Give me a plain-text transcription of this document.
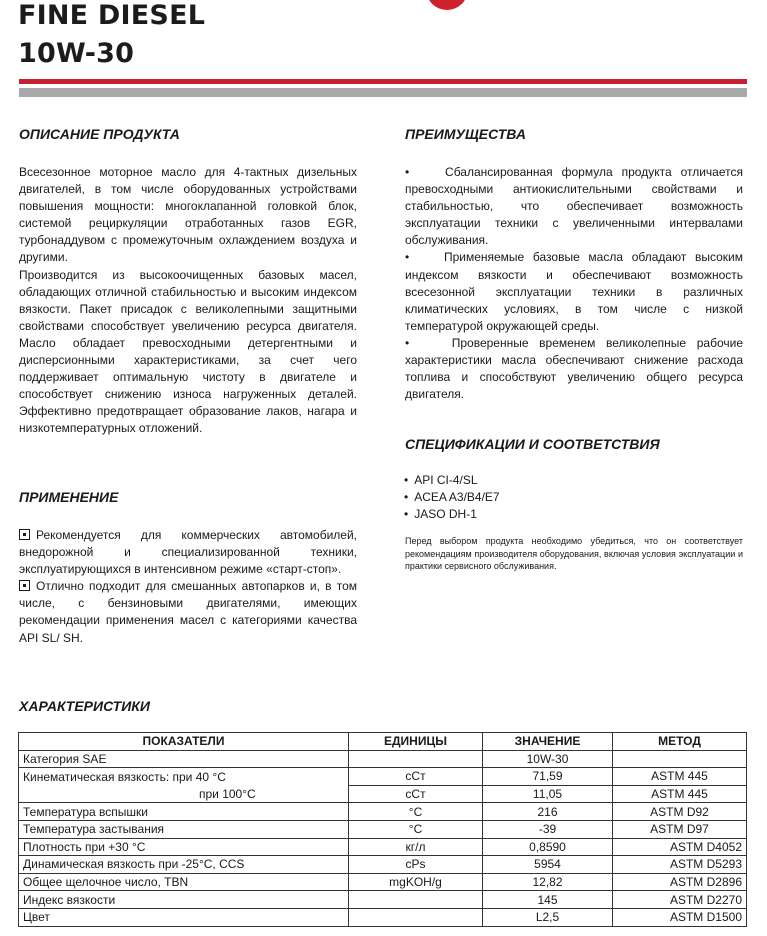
FINE DIESEL
10W-30
ОПИСАНИЕ ПРОДУКТА

Всесезонное моторное масло для 4-тактных дизельных двигателей, в том числе оборудованных устройствами повышения мощности: многоклапанной головкой блок, системой рециркуляции отработанных газов EGR, турбонаддувом с промежуточным охлаждением воздуха и другими.

Производится из высокоочищенных базовых масел, обладающих отличной стабильностью и высоким индексом вязкости. Пакет присадок с великолепными защитными свойствами способствует увеличению ресурса двигателя. Масло обладает превосходными детергентными и дисперсионными характеристиками, за счет чего поддерживает оптимальную чистоту в двигателе и способствует снижению износа нагруженных деталей. Эффективно предотвращает образование лаков, нагара и низкотемпературных отложений.

ПРИМЕНЕНИЕ

Рекомендуется для коммерческих автомобилей, внедорожной и специализированной техники, эксплуатирующихся в интенсивном режиме «старт-стоп».

Отлично подходит для смешанных автопарков и, в том числе, с бензиновыми двигателями, имеющих рекомендации применения масел с категориями качества API SL/ SH.

ПРЕИМУЩЕСТВА

•    Сбалансированная формула продукта отличается превосходными антиокислительными свойствами и стабильностью, что обеспечивает возможность эксплуатации техники с увеличенными интервалами обслуживания.

•    Применяемые базовые масла обладают высоким индексом вязкости и обеспечивают возможность всесезонной эксплуатации техники в различных климатических условиях, в том числе с низкой температурой окружающей среды.

•    Проверенные временем великолепные рабочие характеристики масла обеспечивают снижение расхода топлива и способствуют увеличению общего ресурса двигателя.

СПЕЦИФИКАЦИИ И СООТВЕТСТВИЯ
• API CI-4/SL
• ACEA A3/B4/E7
• JASO DH-1

Перед выбором продукта необходимо убедиться, что он соответствует рекомендациям производителя оборудования, включая условия эксплуатации и практики сервисного обслуживания.

ХАРАКТЕРИСТИКИ
ПОКАЗАТЕЛИ	ЕДИНИЦЫ	ЗНАЧЕНИЕ	МЕТОД
Категория SAE		10W-30	
Кинематическая вязкость: при 40 °С	сСт	71,59	ASTM 445
при 100°С	сСт	11,05	ASTM 445
Температура вспышки	°С	216	ASTM D92
Температура застывания	°С	-39	ASTM D97
Плотность при +30 °С	кг/л	0,8590	ASTM D4052
Динамическая вязкость при -25°С, CCS	сPs	5954	ASTM D5293
Общее щелочное число, TBN	mgKOH/g	12,82	ASTM D2896
Индекс вязкости		145	ASTM D2270
Цвет		L2,5	ASTM D1500
